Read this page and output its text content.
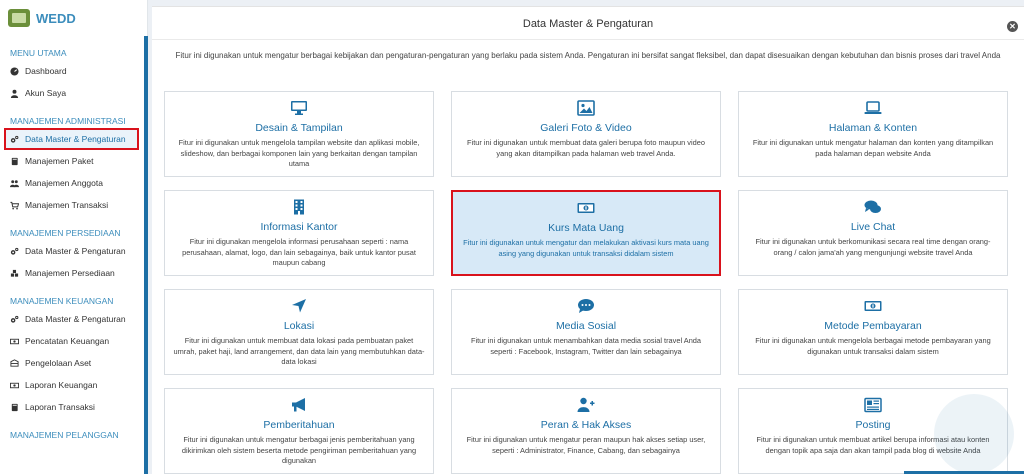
WEDD
MENU UTAMA
Dashboard
Akun Saya
MANAJEMEN ADMINISTRASI
Data Master & Pengaturan
Manajemen Paket
Manajemen Anggota
Manajemen Transaksi
MANAJEMEN PERSEDIAAN
Data Master & Pengaturan
Manajemen Persediaan
MANAJEMEN KEUANGAN
Data Master & Pengaturan
Pencatatan Keuangan
Pengelolaan Aset
Laporan Keuangan
Laporan Transaksi
MANAJEMEN PELANGGAN
Data Master & Pengaturan	✕
Fitur ini digunakan untuk mengatur berbagai kebijakan dan pengaturan-pengaturan yang berlaku pada sistem Anda. Pengaturan ini bersifat sangat fleksibel, dan dapat disesuaikan dengan kebutuhan dan bisnis proses dari travel Anda
Desain & Tampilan
Fitur ini digunakan untuk mengelola tampilan website dan aplikasi mobile, slideshow, dan berbagai komponen lain yang berkaitan dengan tampilan utama
Galeri Foto & Video
Fitur ini digunakan untuk membuat data galeri berupa foto maupun video yang akan ditampilkan pada halaman web travel Anda.
Halaman & Konten
Fitur ini digunakan untuk mengatur halaman dan konten yang ditampilkan pada halaman depan website Anda
Informasi Kantor
Fitur ini digunakan mengelola informasi perusahaan seperti : nama perusahaan, alamat, logo, dan lain sebagainya, baik untuk kantor pusat maupun cabang
Kurs Mata Uang
Fitur ini digunakan untuk mengatur dan melakukan aktivasi kurs mata uang asing yang digunakan untuk transaksi didalam sistem
Live Chat
Fitur ini digunakan untuk berkomunikasi secara real time dengan orang-orang / calon jama'ah yang mengunjungi website travel Anda
Lokasi
Fitur ini digunakan untuk membuat data lokasi pada pembuatan paket umrah, paket haji, land arrangement, dan data lain yang membutuhkan data-data lokasi
Media Sosial
Fitur ini digunakan untuk menambahkan data media sosial travel Anda seperti : Facebook, Instagram, Twitter dan lain sebagainya
Metode Pembayaran
Fitur ini digunakan untuk mengelola berbagai metode pembayaran yang digunakan untuk transaksi dalam sistem
Pemberitahuan
Fitur ini digunakan untuk mengatur berbagai jenis pemberitahuan yang dikirimkan oleh sistem beserta metode pengiriman pemberitahuan yang digunakan
Peran & Hak Akses
Fitur ini digunakan untuk mengatur peran maupun hak akses setiap user, seperti : Administrator, Finance, Cabang, dan sebagainya
Posting
Fitur ini digunakan untuk membuat artikel berupa informasi atau konten dengan topik apa saja dan akan tampil pada blog di website Anda
